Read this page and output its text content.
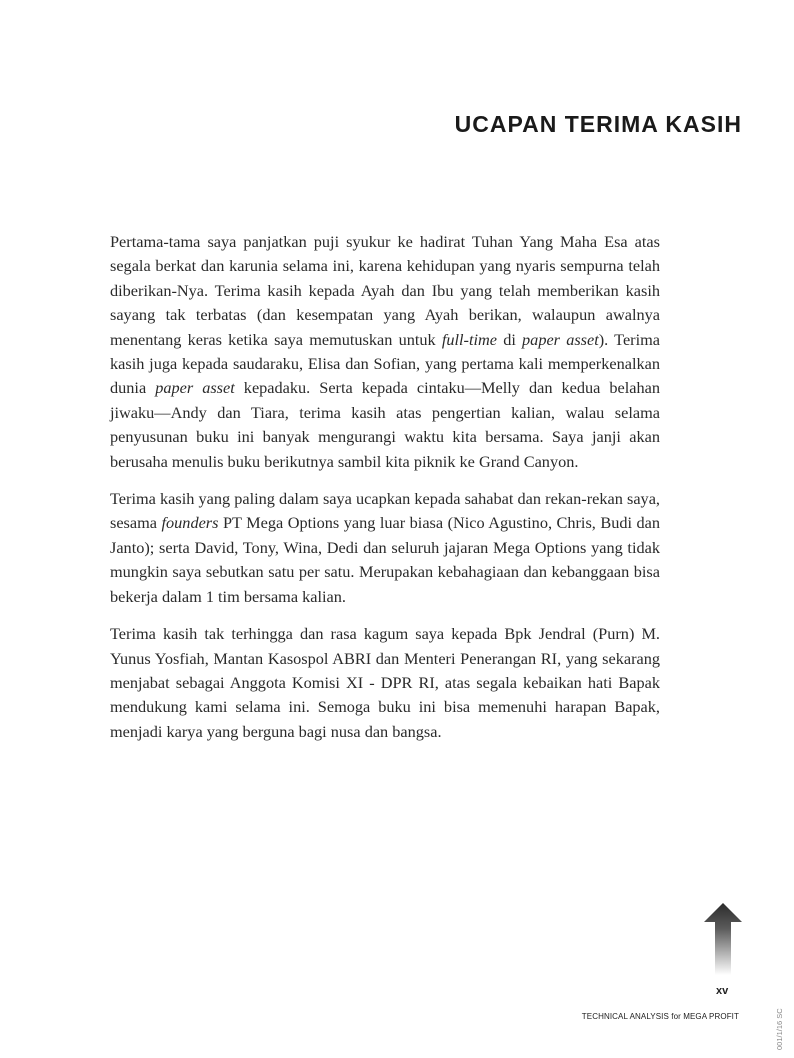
UCAPAN TERIMA KASIH

Pertama-tama saya panjatkan puji syukur ke hadirat Tuhan Yang Maha Esa atas segala berkat dan karunia selama ini, karena kehidupan yang nyaris sempurna telah diberikan-Nya. Terima kasih kepada Ayah dan Ibu yang telah memberikan kasih sayang tak terbatas (dan kesempatan yang Ayah berikan, walaupun awalnya menentang keras ketika saya memutuskan untuk full-time di paper asset). Terima kasih juga kepada saudaraku, Elisa dan Sofian, yang pertama kali memperkenalkan dunia paper asset kepadaku. Serta kepada cintaku—Melly dan kedua belahan jiwaku—Andy dan Tiara, terima kasih atas pengertian kalian, walau selama penyusunan buku ini banyak mengurangi waktu kita bersama. Saya janji akan berusaha menulis buku berikutnya sambil kita piknik ke Grand Canyon.

Terima kasih yang paling dalam saya ucapkan kepada sahabat dan rekan-rekan saya, sesama founders PT Mega Options yang luar biasa (Nico Agustino, Chris, Budi dan Janto); serta David, Tony, Wina, Dedi dan seluruh jajaran Mega Options yang tidak mungkin saya sebutkan satu per satu. Merupakan kebahagiaan dan kebanggaan bisa bekerja dalam 1 tim bersama kalian.

Terima kasih tak terhingga dan rasa kagum saya kepada Bpk Jendral (Purn) M. Yunus Yosfiah, Mantan Kasospol ABRI dan Menteri Penerangan RI, yang sekarang menjabat sebagai Anggota Komisi XI - DPR RI, atas segala kebaikan hati Bapak mendukung kami selama ini. Semoga buku ini bisa memenuhi harapan Bapak, menjadi karya yang berguna bagi nusa dan bangsa.

xv
TECHNICAL ANALYSIS for MEGA PROFIT	001/1/16 SC
